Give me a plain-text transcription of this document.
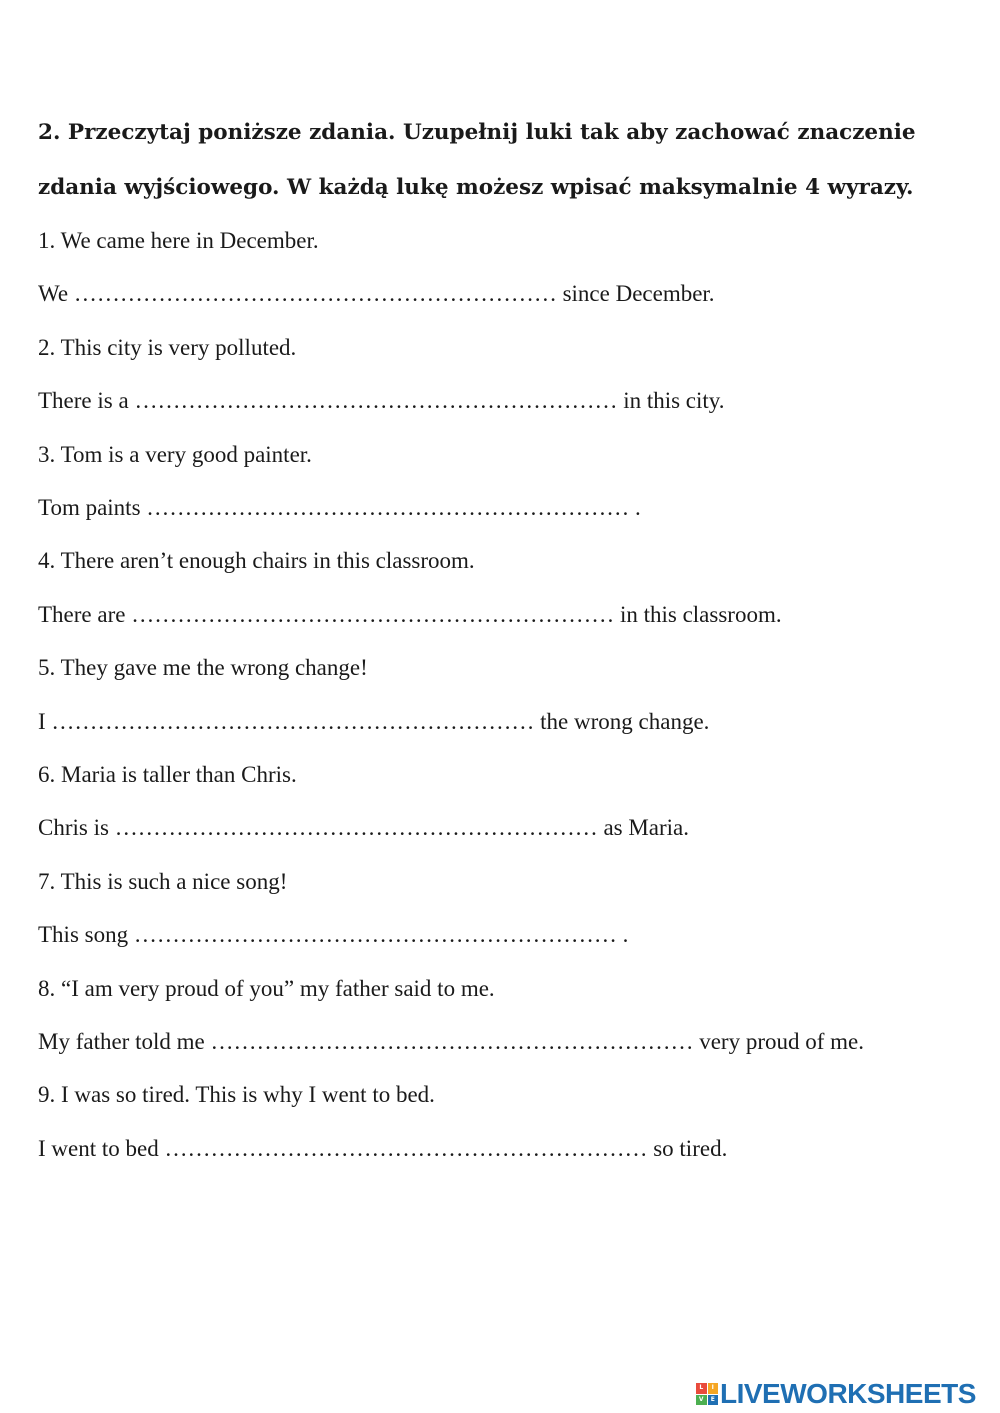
2. Przeczytaj poniższe zdania. Uzupełnij luki tak aby zachować znaczenie
zdania wyjściowego. W każdą lukę możesz wpisać maksymalnie 4 wyrazy.
1. We came here in December.
We ……………………………………………………… since December.
2. This city is very polluted.
There is a ……………………………………………………… in this city.
3. Tom is a very good painter.
Tom paints ……………………………………………………… .
4. There aren’t enough chairs in this classroom.
There are ……………………………………………………… in this classroom.
5. They gave me the wrong change!
I ……………………………………………………… the wrong change.
6. Maria is taller than Chris.
Chris is ……………………………………………………… as Maria.
7. This is such a nice song!
This song ……………………………………………………… .
8. “I am very proud of you” my father said to me.
My father told me ……………………………………………………… very proud of me.
9. I was so tired. This is why I went to bed.
I went to bed ……………………………………………………… so tired.
L	I
V	E LIVEWORKSHEETS
